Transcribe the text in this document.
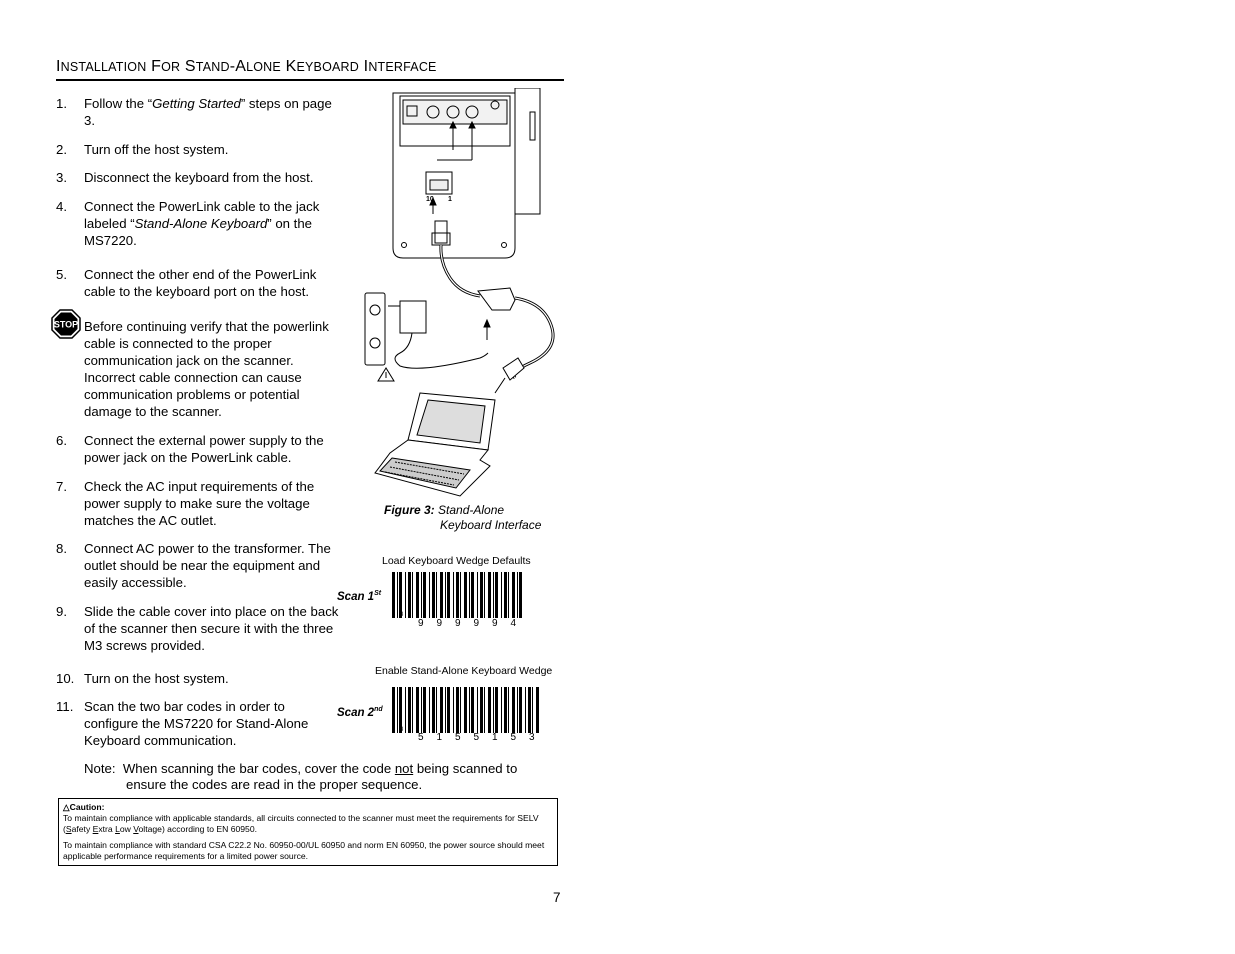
INSTALLATION FOR STAND-ALONE KEYBOARD INTERFACE
1. Follow the “Getting Started” steps on page 3.
2. Turn off the host system.
3. Disconnect the keyboard from the host.
4. Connect the PowerLink cable to the jack labeled “Stand-Alone Keyboard” on the MS7220.
5. Connect the other end of the PowerLink cable to the keyboard port on the host.
STOP Before continuing verify that the powerlink cable is connected to the proper communication jack on the scanner. Incorrect cable connection can cause communication problems or potential damage to the scanner.
6. Connect the external power supply to the power jack on the PowerLink cable.
7. Check the AC input requirements of the power supply to make sure the voltage matches the AC outlet.
8. Connect AC power to the transformer. The outlet should be near the equipment and easily accessible.
9. Slide the cable cover into place on the back of the scanner then secure it with the three M3 screws provided.
10. Turn on the host system.
11. Scan the two bar codes in order to configure the MS7220 for Stand-Alone Keyboard communication.
Note: When scanning the bar codes, cover the code not being scanned to
ensure the codes are read in the proper sequence.
10 1
Figure 3: Stand-Alone
Keyboard Interface
Load Keyboard Wedge Defaults
Scan 1St
3
9	9	9	9	9	4
Enable Stand-Alone Keyboard Wedge
Scan 2nd
3
5	1	5	5	1	5	3
△Caution:

To maintain compliance with applicable standards, all circuits connected to the scanner must meet the requirements for SELV (Safety Extra Low Voltage) according to EN 60950.

To maintain compliance with standard CSA C22.2 No. 60950-00/UL 60950 and norm EN 60950, the power source should meet applicable performance requirements for a limited power source.

7
